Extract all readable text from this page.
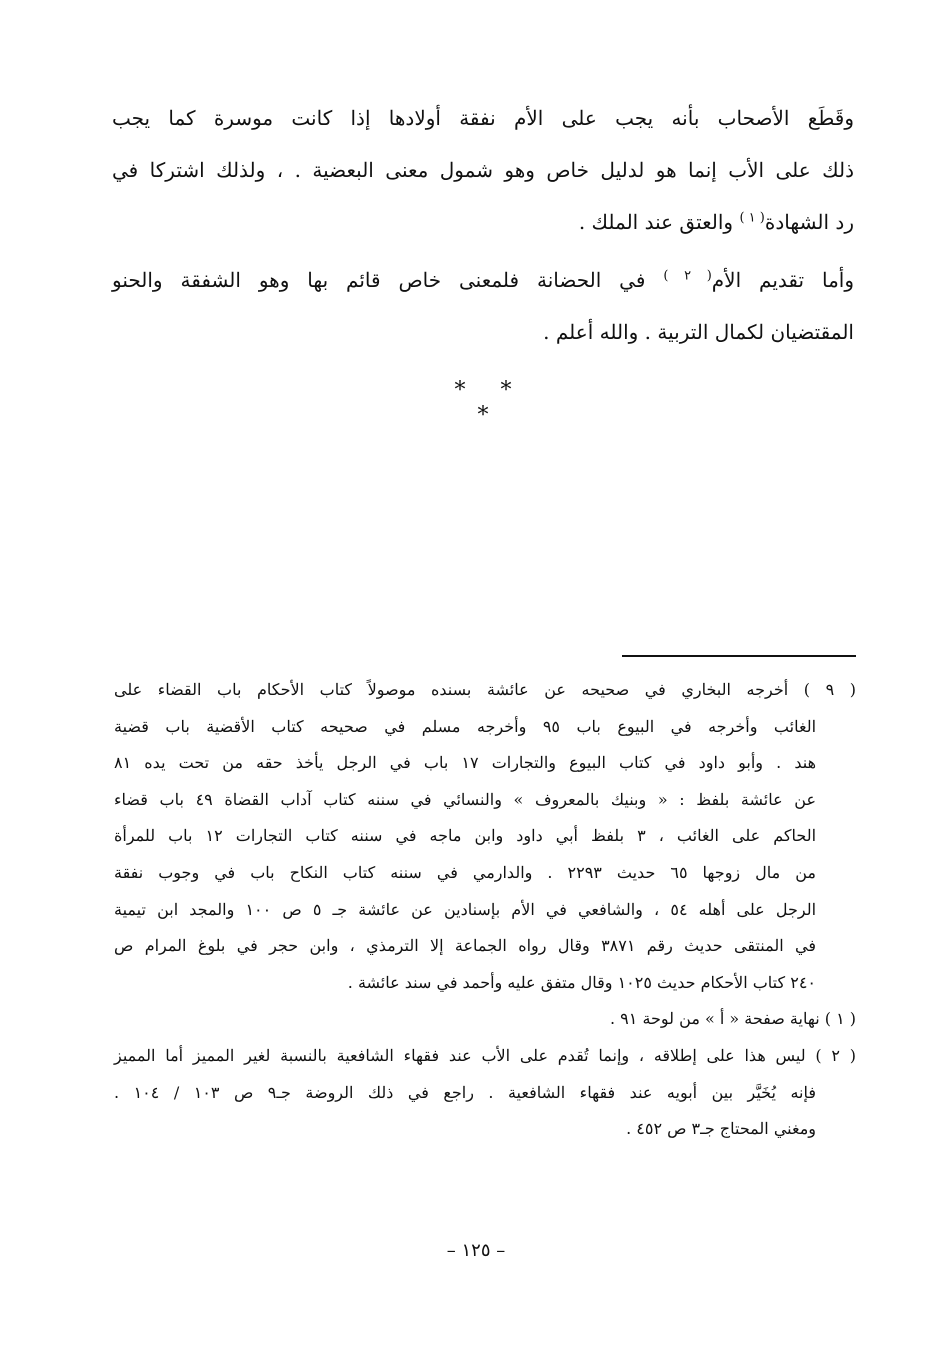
وقَطَع الأصحاب بأنه يجب على الأم نفقة أولادها إذا كانت موسرة كما يجب
ذلك على الأب إنما هو لدليل خاص وهو شمول معنى البعضية . ، ولذلك اشتركا في
رد الشهادة$^{( ١ )}$ والعتق عند الملك .
وأما تقديم الأم$^{( ٢ )}$ في الحضانة فلمعنى خاص قائم بها وهو الشفقة والحنو
المقتضيان لكمال التربية . والله أعلم .
* * *
( ٩ ) أخرجه البخاري في صحيحه عن عائشة بسنده موصولاً كتاب الأحكام باب القضاء على
الغائب وأخرجه في البيوع باب ٩٥ وأخرجه مسلم في صحيحه كتاب الأقضية باب قضية
هند . وأبو داود في كتاب البيوع والتجارات ١٧ باب في الرجل يأخذ حقه من تحت يده ٨١
عن عائشة بلفظ : « وبنيك بالمعروف » والنسائي في سننه كتاب آداب القضاة ٤٩ باب قضاء
الحاكم على الغائب ، ٣ بلفظ أبي داود وابن ماجه في سننه كتاب التجارات ١٢ باب للمرأة
من مال زوجها ٦٥ حديث ٢٢٩٣ . والدارمي في سننه كتاب النكاح باب في وجوب نفقة
الرجل على أهله ٥٤ ، والشافعي في الأم بإسنادين عن عائشة جـ ٥ ص ١٠٠ والمجد ابن تيمية
في المنتقى حديث رقم ٣٨٧١ وقال رواه الجماعة إلا الترمذي ، وابن حجر في بلوغ المرام ص
٢٤٠ كتاب الأحكام حديث ١٠٢٥ وقال متفق عليه وأحمد في سند عائشة .
( ١ ) نهاية صفحة « أ » من لوحة ٩١ .
( ٢ ) ليس هذا على إطلاقه ، وإنما تُقدم على الأب عند فقهاء الشافعية بالنسبة لغير المميز أما المميز
فإنه يُخَيَّر بين أبويه عند فقهاء الشافعية . راجع في ذلك الروضة جـ٩ ص ١٠٣ / ١٠٤ .
ومغني المحتاج جـ٣ ص ٤٥٢ .
– ١٢٥ –
